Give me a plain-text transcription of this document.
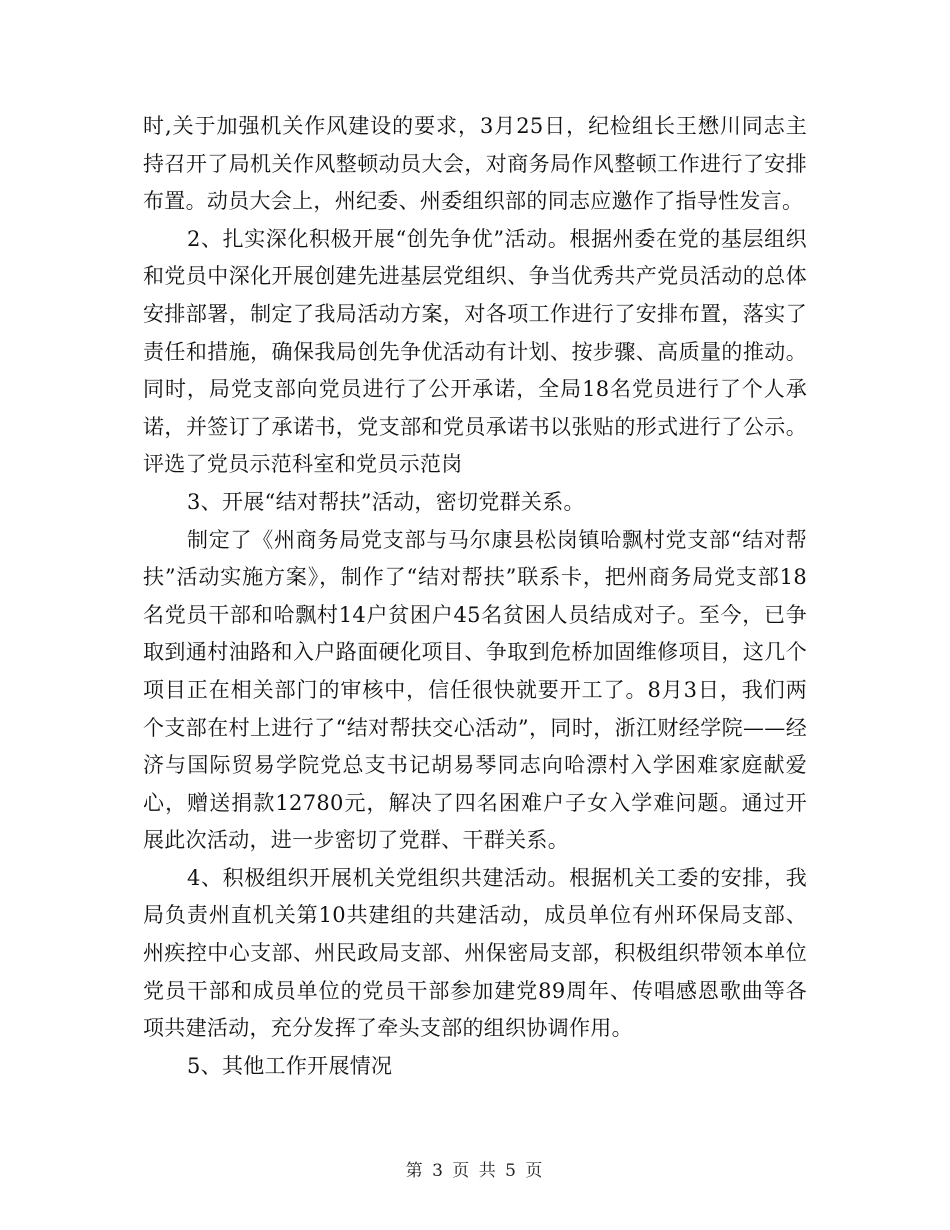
时,关于加强机关作风建设的要求，3月25日，纪检组长王懋川同志主持召开了局机关作风整顿动员大会，对商务局作风整顿工作进行了安排布置。动员大会上，州纪委、州委组织部的同志应邀作了指导性发言。

2、扎实深化积极开展“创先争优”活动。根据州委在党的基层组织和党员中深化开展创建先进基层党组织、争当优秀共产党员活动的总体安排部署，制定了我局活动方案，对各项工作进行了安排布置，落实了责任和措施，确保我局创先争优活动有计划、按步骤、高质量的推动。同时，局党支部向党员进行了公开承诺，全局18名党员进行了个人承诺，并签订了承诺书，党支部和党员承诺书以张贴的形式进行了公示。评选了党员示范科室和党员示范岗

3、开展“结对帮扶”活动，密切党群关系。

制定了《州商务局党支部与马尔康县松岗镇哈飘村党支部“结对帮扶”活动实施方案》，制作了“结对帮扶”联系卡，把州商务局党支部18名党员干部和哈飘村14户贫困户45名贫困人员结成对子。至今，已争取到通村油路和入户路面硬化项目、争取到危桥加固维修项目，这几个项目正在相关部门的审核中，信任很快就要开工了。8月3日，我们两个支部在村上进行了“结对帮扶交心活动”，同时，浙江财经学院——经济与国际贸易学院党总支书记胡易琴同志向哈漂村入学困难家庭献爱心，赠送捐款12780元，解决了四名困难户子女入学难问题。通过开展此次活动，进一步密切了党群、干群关系。

4、积极组织开展机关党组织共建活动。根据机关工委的安排，我局负责州直机关第10共建组的共建活动，成员单位有州环保局支部、州疾控中心支部、州民政局支部、州保密局支部，积极组织带领本单位党员干部和成员单位的党员干部参加建党89周年、传唱感恩歌曲等各项共建活动，充分发挥了牵头支部的组织协调作用。

5、其他工作开展情况

第 3 页 共 5 页
